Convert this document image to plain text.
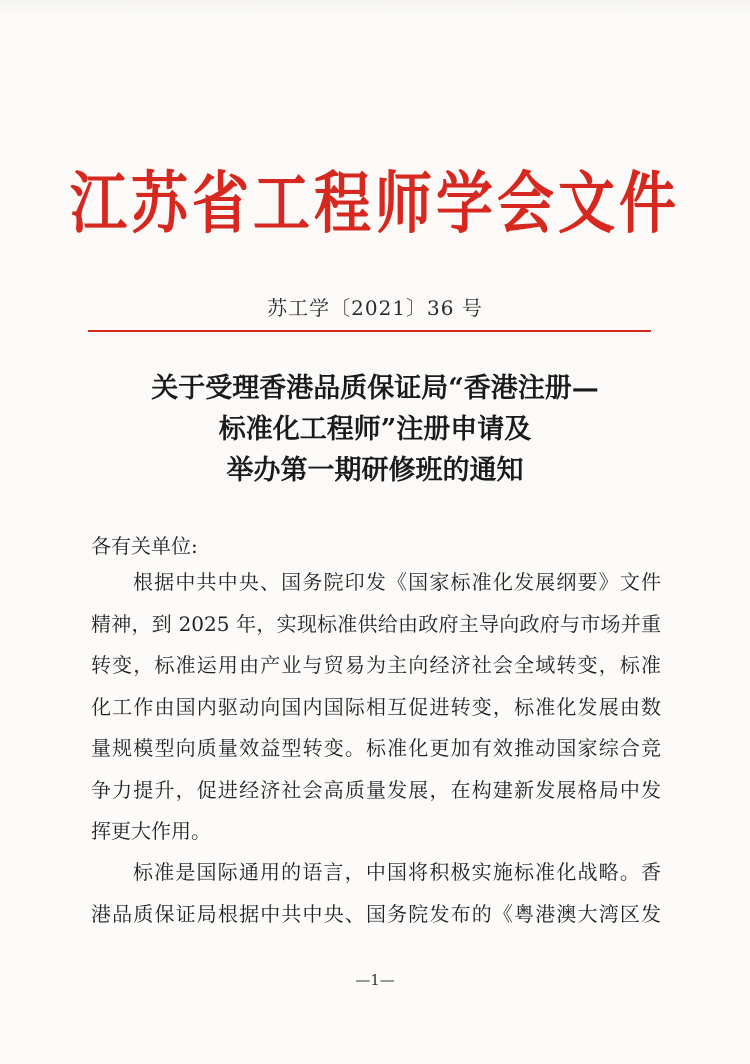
江苏省工程师学会文件
苏工学〔2021〕36 号
关于受理香港品质保证局“香港注册—
标准化工程师”注册申请及
举办第一期研修班的通知
各有关单位:
根据中共中央、国务院印发《国家标准化发展纲要》文件
精神，到 2025 年，实现标准供给由政府主导向政府与市场并重
转变，标准运用由产业与贸易为主向经济社会全域转变，标准
化工作由国内驱动向国内国际相互促进转变，标准化发展由数
量规模型向质量效益型转变。标准化更加有效推动国家综合竞
争力提升，促进经济社会高质量发展，在构建新发展格局中发
挥更大作用。
标准是国际通用的语言，中国将积极实施标准化战略。香
港品质保证局根据中共中央、国务院发布的《粤港澳大湾区发
—1—
